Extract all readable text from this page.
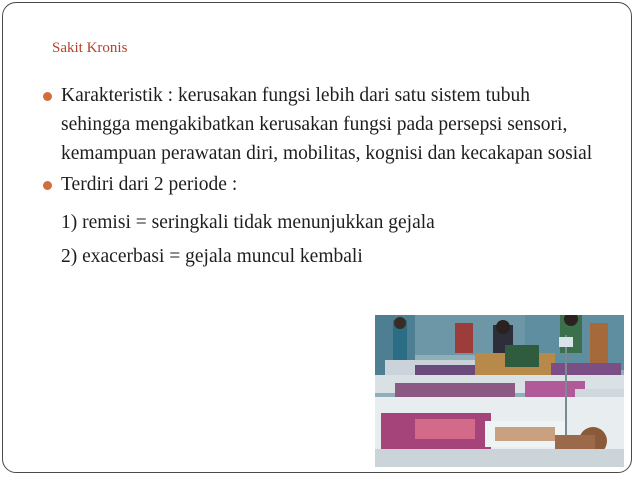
Sakit Kronis
Karakteristik : kerusakan fungsi lebih dari satu sistem tubuh sehingga mengakibatkan kerusakan fungsi pada persepsi sensori, kemampuan perawatan diri, mobilitas, kognisi dan kecakapan sosial
Terdiri dari 2 periode :
1) remisi = seringkali tidak menunjukkan gejala
2) exacerbasi = gejala muncul kembali
